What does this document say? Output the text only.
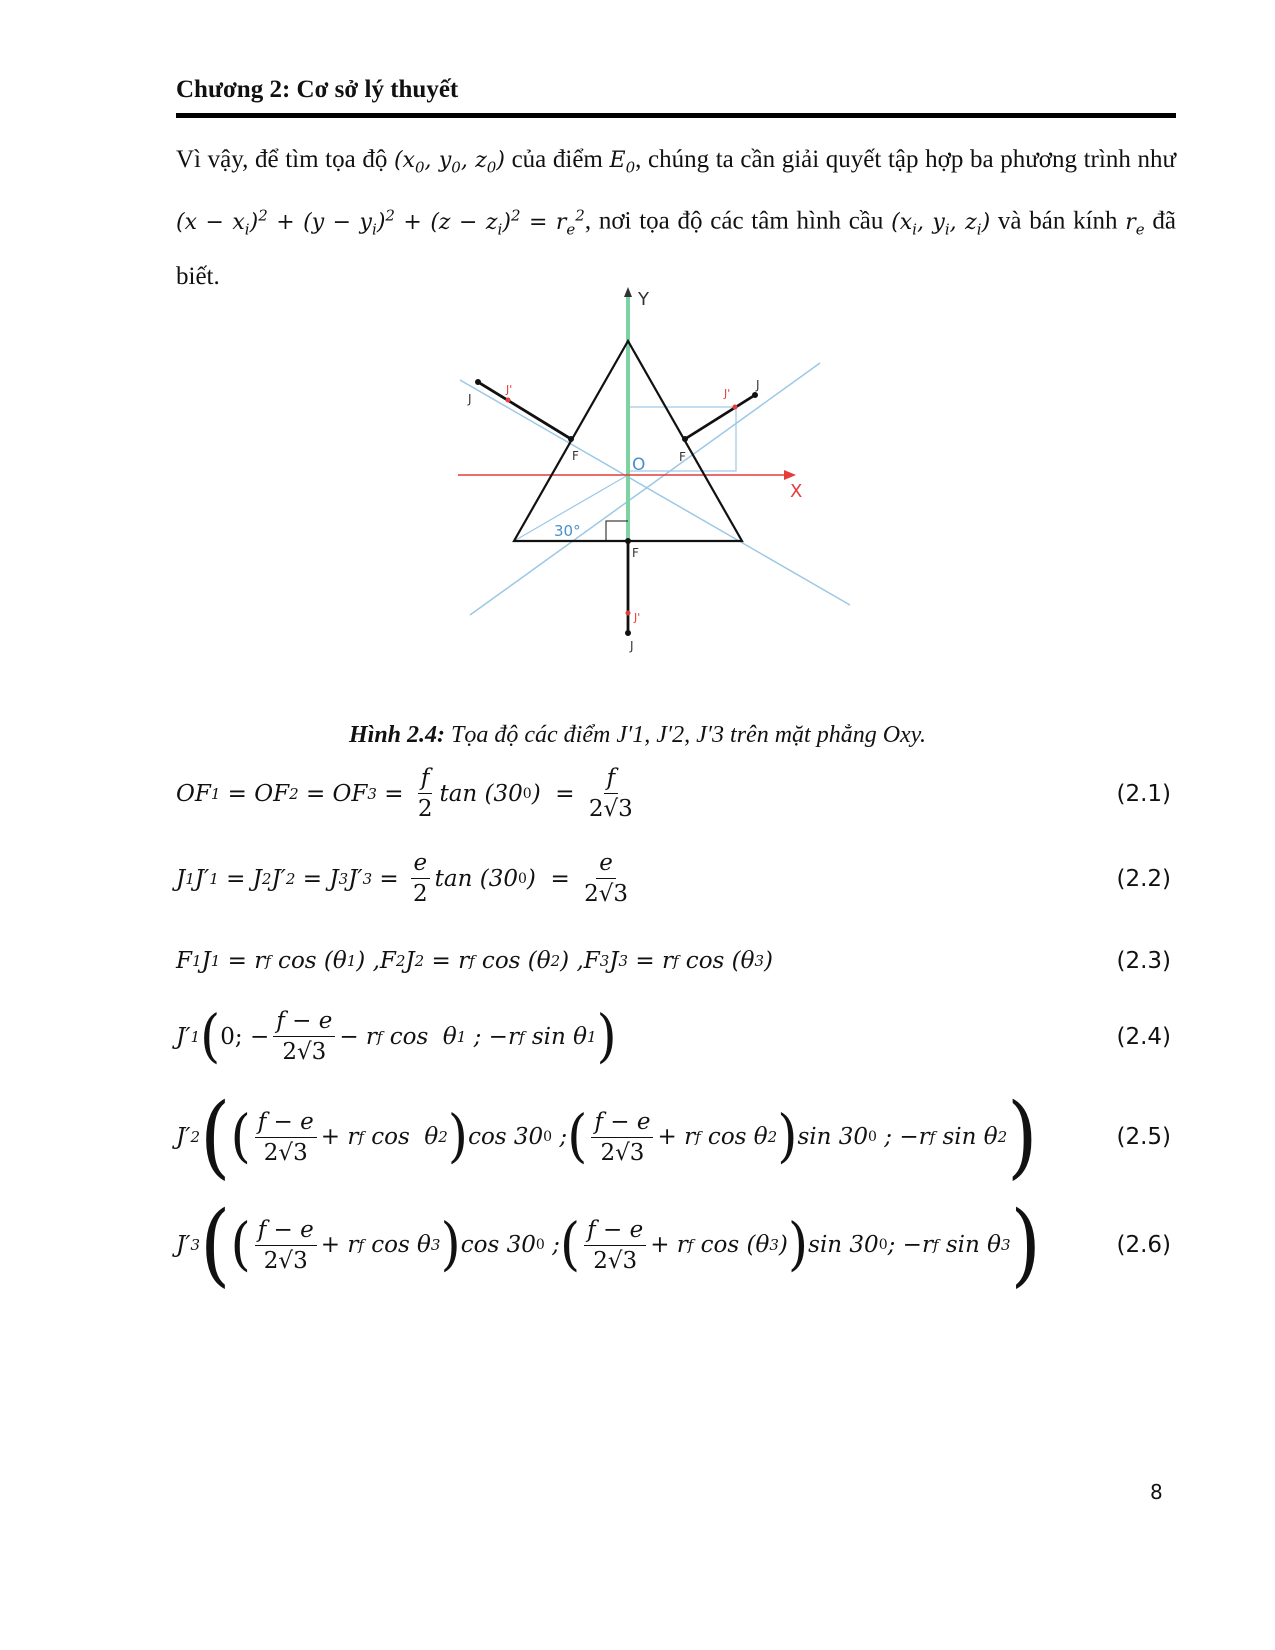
Chương 2: Cơ sở lý thuyết
Vì vậy, để tìm tọa độ ($x_0$, $y_0$, $z_0$) của điểm $E_0$, chúng ta cần giải quyết tập hợp ba phương trình như $(x - x_i)^2 + (y - y_i)^2 + (z - z_i)^2 = r_e^2$, nơi tọa độ các tâm hình cầu ($x_i$, $y_i$, $z_i$) và bán kính $r_e$ đã biết.
Y
X
30°
O
F	F
F
J
J
J
J'	J'
J'
Hình 2.4: Tọa độ các điểm J′1, J′2, J′3 trên mặt phẳng Oxy.
OF 1 = OF 2 = OF $3 = \frac{f}{2}$ tan (30 0 )  = $\frac{f}{2√3}$	(2.1)
J 1 J′ 1 = J 2 J′ 2 = J 3 J′ $3 = \frac{e}{2}$ tan (30 0 )  = $\frac{e}{2√3}$	(2.2)
F 1 J 1 = r f cos (θ 1 ) ,F 2 J 2 = r f cos (θ 2 ) ,F 3 J 3 = r f cos (θ 3 )	(2.3)
J′ 1 ( 0; − $\frac{f - e}{2√3} - r$ f cos  θ 1 ; −r f sin θ 1 )	(2.4)
J′ 2 ( ( $\frac{f - e}{2√3} + r$ f cos  θ 2 ) cos 30 0 ; ( $\frac{f - e}{2√3} + r$ f cos θ 2 ) sin 30 0 ; −r f sin θ 2 )	(2.5)
J′ 3 ( ( $\frac{f - e}{2√3} + r$ f cos θ 3 ) cos 30 0 ; ( $\frac{f - e}{2√3} + r$ f cos (θ 3 ) ) sin 30 0 ; −r f sin θ 3 )	(2.6)
8
